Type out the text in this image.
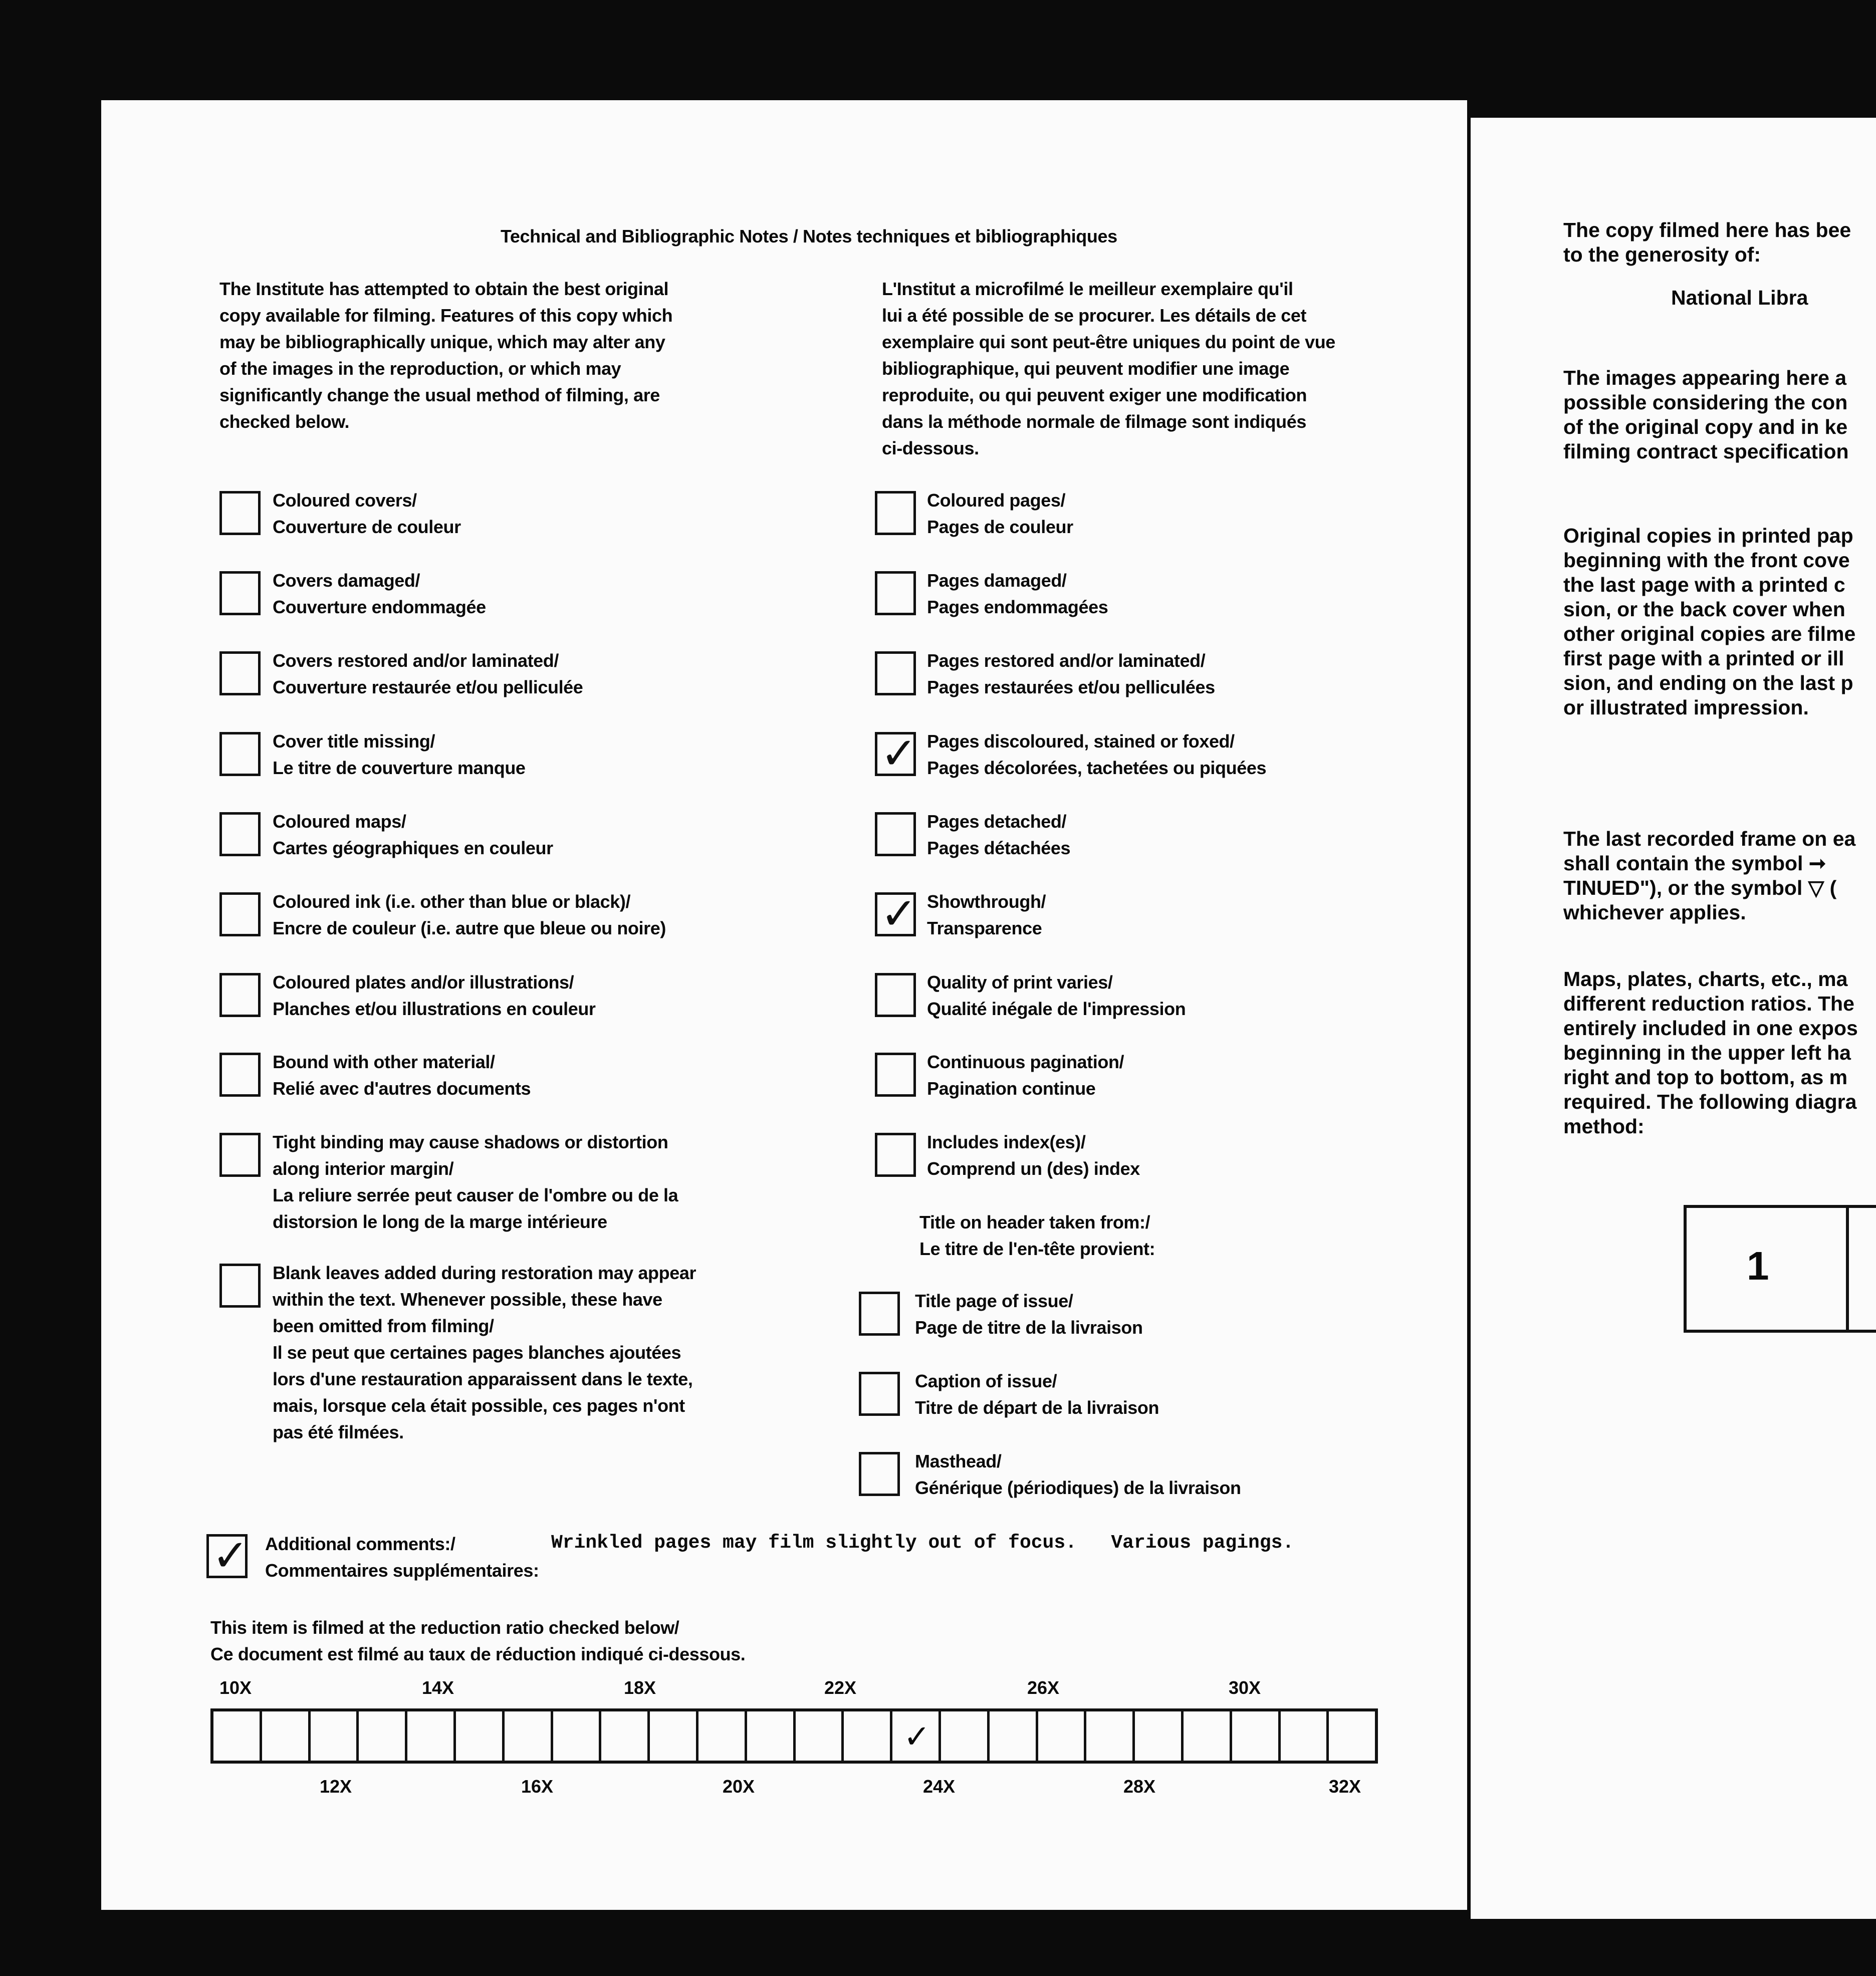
Technical and Bibliographic Notes / Notes techniques et bibliographiques
The Institute has attempted to obtain the best original
copy available for filming. Features of this copy which
may be bibliographically unique, which may alter any
of the images in the reproduction, or which may
significantly change the usual method of filming, are
checked below.
L'Institut a microfilmé le meilleur exemplaire qu'il
lui a été possible de se procurer. Les détails de cet
exemplaire qui sont peut-être uniques du point de vue
bibliographique, qui peuvent modifier une image
reproduite, ou qui peuvent exiger une modification
dans la méthode normale de filmage sont indiqués
ci-dessous.
Coloured covers/
Couverture de couleur
Covers damaged/
Couverture endommagée
Covers restored and/or laminated/
Couverture restaurée et/ou pelliculée
Cover title missing/
Le titre de couverture manque
Coloured maps/
Cartes géographiques en couleur
Coloured ink (i.e. other than blue or black)/
Encre de couleur (i.e. autre que bleue ou noire)
Coloured plates and/or illustrations/
Planches et/ou illustrations en couleur
Bound with other material/
Relié avec d'autres documents
Tight binding may cause shadows or distortion
along interior margin/
La reliure serrée peut causer de l'ombre ou de la
distorsion le long de la marge intérieure
Blank leaves added during restoration may appear
within the text. Whenever possible, these have
been omitted from filming/
Il se peut que certaines pages blanches ajoutées
lors d'une restauration apparaissent dans le texte,
mais, lorsque cela était possible, ces pages n'ont
pas été filmées.
Coloured pages/
Pages de couleur
Pages damaged/
Pages endommagées
Pages restored and/or laminated/
Pages restaurées et/ou pelliculées
✓ Pages discoloured, stained or foxed/
Pages décolorées, tachetées ou piquées
Pages detached/
Pages détachées
✓ Showthrough/
Transparence
Quality of print varies/
Qualité inégale de l'impression
Continuous pagination/
Pagination continue
Includes index(es)/
Comprend un (des) index
Title on header taken from:/
Le titre de l'en-tête provient:
Title page of issue/
Page de titre de la livraison
Caption of issue/
Titre de départ de la livraison
Masthead/
Générique (périodiques) de la livraison
✓ Additional comments:/
Commentaires supplémentaires:
Wrinkled pages may film slightly out of focus.   Various pagings.
This item is filmed at the reduction ratio checked below/
Ce document est filmé au taux de réduction indiqué ci-dessous.
10X	14X	18X	22X	26X	30X
✓
12X	16X	20X	24X	28X	32X
The copy filmed here has bee
to the generosity of:
National Libra
The images appearing here a
possible considering the con
of the original copy and in ke
filming contract specification
Original copies in printed pap
beginning with the front cove
the last page with a printed c
sion, or the back cover when
other original copies are filme
first page with a printed or ill
sion, and ending on the last p
or illustrated impression.
The last recorded frame on ea
shall contain the symbol ➞
TINUED"), or the symbol ▽ (
whichever applies.
Maps, plates, charts, etc., ma
different reduction ratios. The
entirely included in one expos
beginning in the upper left ha
right and top to bottom, as m
required. The following diagra
method:
1
